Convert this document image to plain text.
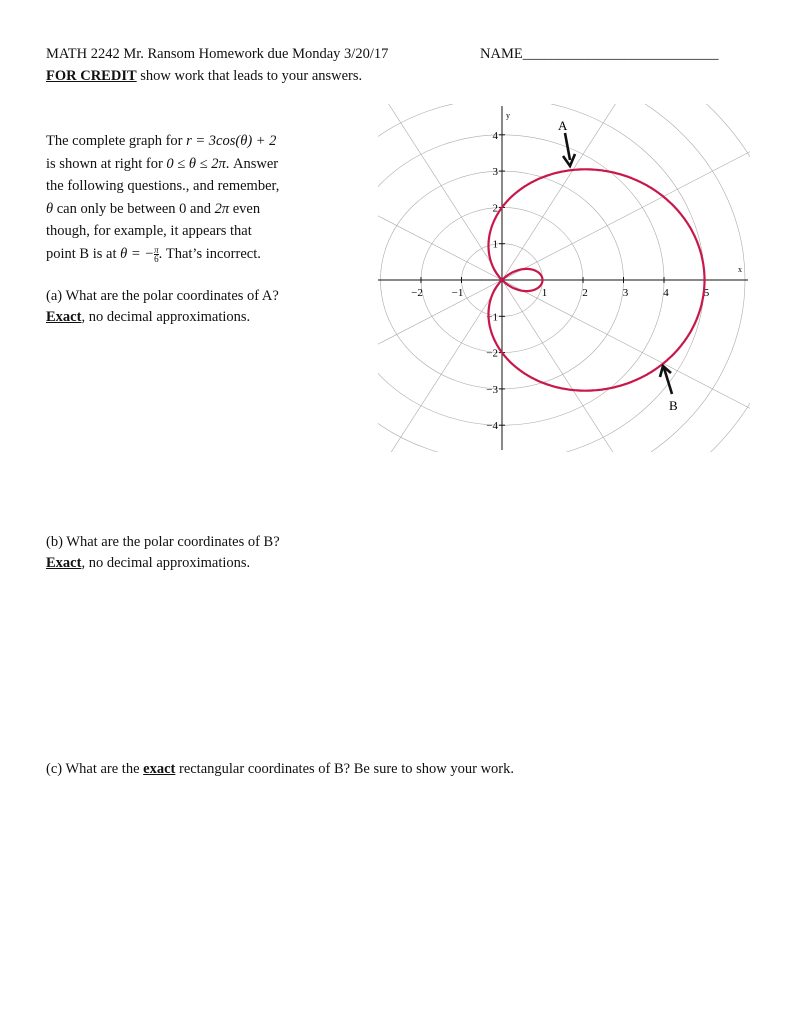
MATH 2242 Mr. Ransom Homework due Monday 3/20/17	NAME___________________________
FOR CREDIT show work that leads to your answers.
The complete graph for r = 3cos(θ) + 2
is shown at right for 0 ≤ θ ≤ 2π. Answer
the following questions., and remember,
θ can only be between 0 and 2π even
though, for example, it appears that
point B is at θ = − $\frac{\pi}{6}$ . That’s incorrect.
(a) What are the polar coordinates of A?
Exact, no decimal approximations.
(b) What are the polar coordinates of B?
Exact, no decimal approximations.
(c) What are the exact rectangular coordinates of B? Be sure to show your work.
−2	−1	1	2	3	4	5
4
3
2
1
−1
−2
−3
−4
A
B
x
y
